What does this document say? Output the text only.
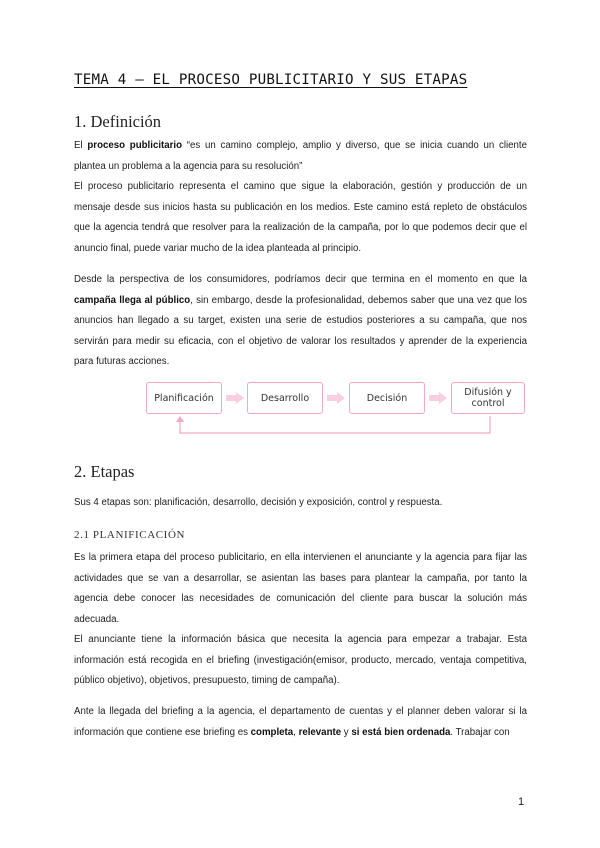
TEMA 4 – EL PROCESO PUBLICITARIO Y SUS ETAPAS
1. Definición

El proceso publicitario “es un camino complejo, amplio y diverso, que se inicia cuando un cliente plantea un problema a la agencia para su resolución”

El proceso publicitario representa el camino que sigue la elaboración, gestión y producción de un mensaje desde sus inicios hasta su publicación en los medios. Este camino está repleto de obstáculos que la agencia tendrá que resolver para la realización de la campaña, por lo que podemos decir que el anuncio final, puede variar mucho de la idea planteada al principio.

Desde la perspectiva de los consumidores, podríamos decir que termina en el momento en que la campaña llega al público, sin embargo, desde la profesionalidad, debemos saber que una vez que los anuncios han llegado a su target, existen una serie de estudios posteriores a su campaña, que nos servirán para medir su eficacia, con el objetivo de valorar los resultados y aprender de la experiencia para futuras acciones.

Planificación	Desarrollo	Decisión	Difusión y control
2. Etapas

Sus 4 etapas son: planificación, desarrollo, decisión y exposición, control y respuesta.

2.1 PLANIFICACIÓN

Es la primera etapa del proceso publicitario, en ella intervienen el anunciante y la agencia para fijar las actividades que se van a desarrollar, se asientan las bases para plantear la campaña, por tanto la agencia debe conocer las necesidades de comunicación del cliente para buscar la solución más adecuada.

El anunciante tiene la información básica que necesita la agencia para empezar a trabajar. Esta información está recogida en el briefing (investigación(emisor, producto, mercado, ventaja competitiva, público objetivo), objetivos, presupuesto, timing de campaña).

Ante la llegada del briefing a la agencia, el departamento de cuentas y el planner deben valorar si la información que contiene ese briefing es completa, relevante y si está bien ordenada. Trabajar con

1
